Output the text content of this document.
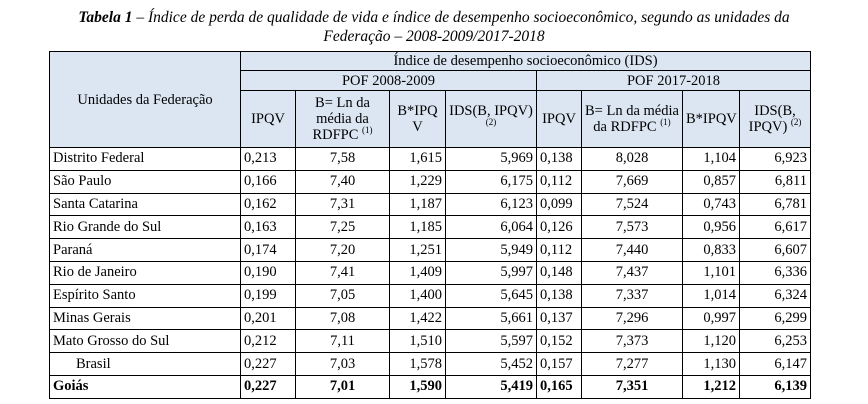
Tabela 1 – Índice de perda de qualidade de vida e índice de desempenho socioeconômico, segundo as unidades da
Federação – 2008-2009/2017-2018
Unidades da Federação	Índice de desempenho socioeconômico (IDS)							
	POF 2008-2009				POF 2017-2018			
	IPQV	B= Ln da média da RDFPC $^{(1)}$	B*IPQV	IDS(B, IPQV) $^{(2)}$	IPQV	B= Ln da média da RDFPC $^{(1)}$	B*IPQV	IDS(B, IPQV) $^{(2)}$
Distrito Federal	0,213	7,58	1,615	5,969	0,138	8,028	1,104	6,923
São Paulo	0,166	7,40	1,229	6,175	0,112	7,669	0,857	6,811
Santa Catarina	0,162	7,31	1,187	6,123	0,099	7,524	0,743	6,781
Rio Grande do Sul	0,163	7,25	1,185	6,064	0,126	7,573	0,956	6,617
Paraná	0,174	7,20	1,251	5,949	0,112	7,440	0,833	6,607
Rio de Janeiro	0,190	7,41	1,409	5,997	0,148	7,437	1,101	6,336
Espírito Santo	0,199	7,05	1,400	5,645	0,138	7,337	1,014	6,324
Minas Gerais	0,201	7,08	1,422	5,661	0,137	7,296	0,997	6,299
Mato Grosso do Sul	0,212	7,11	1,510	5,597	0,152	7,373	1,120	6,253
Brasil	0,227	7,03	1,578	5,452	0,157	7,277	1,130	6,147
Goiás	0,227	7,01	1,590	5,419	0,165	7,351	1,212	6,139
